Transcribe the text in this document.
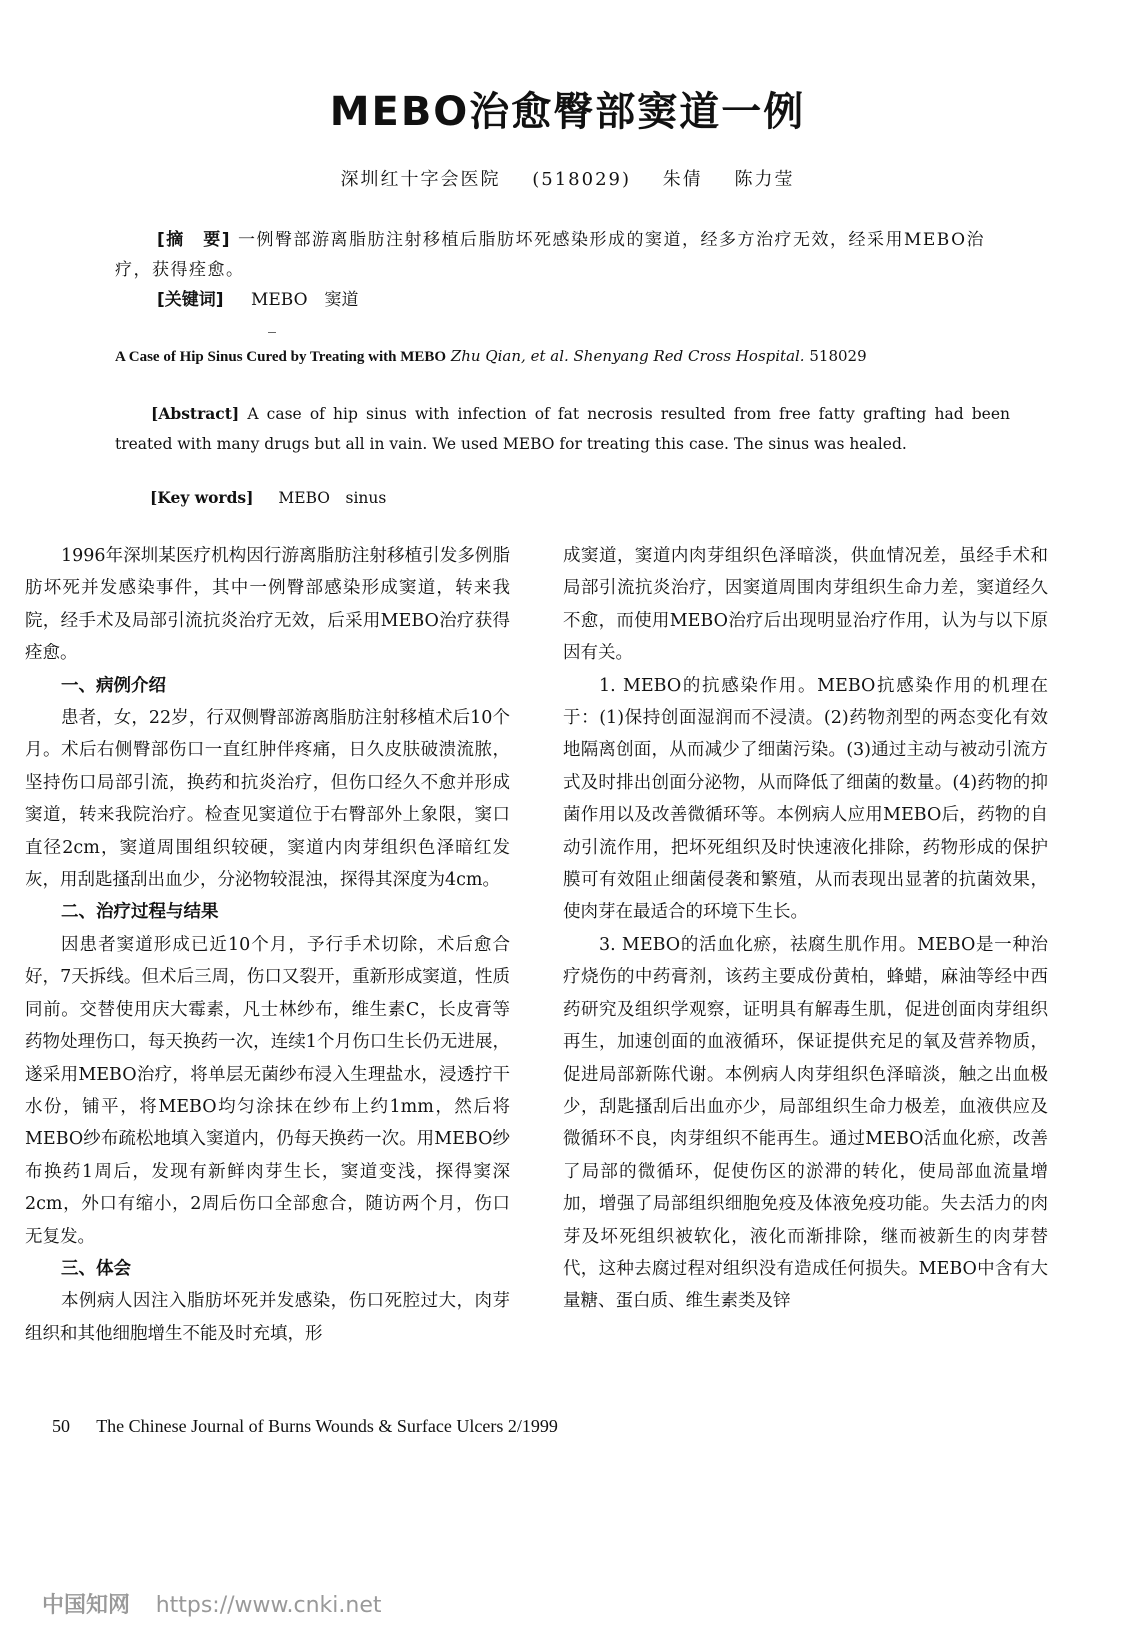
MEBO治愈臀部窦道一例
深圳红十字会医院 (518029) 朱倩 陈力莹

[摘　要] 一例臀部游离脂肪注射移植后脂肪坏死感染形成的窦道，经多方治疗无效，经采用MEBO治疗，获得痊愈。

[关键词] MEBO　窦道

A Case of Hip Sinus Cured by Treating with MEBO Zhu Qian, et al. Shenyang Red Cross Hospital. 518029

[Abstract] A case of hip sinus with infection of fat necrosis resulted from free fatty grafting had been treated with many drugs but all in vain. We used MEBO for treating this case. The sinus was healed.

[Key words] MEBO　sinus

1996年深圳某医疗机构因行游离脂肪注射移植引发多例脂肪坏死并发感染事件，其中一例臀部感染形成窦道，转来我院，经手术及局部引流抗炎治疗无效，后采用MEBO治疗获得痊愈。

一、病例介绍

患者，女，22岁，行双侧臀部游离脂肪注射移植术后10个月。术后右侧臀部伤口一直红肿伴疼痛，日久皮肤破溃流脓，坚持伤口局部引流，换药和抗炎治疗，但伤口经久不愈并形成窦道，转来我院治疗。检查见窦道位于右臀部外上象限，窦口直径2cm，窦道周围组织较硬，窦道内肉芽组织色泽暗红发灰，用刮匙搔刮出血少，分泌物较混浊，探得其深度为4cm。

二、治疗过程与结果

因患者窦道形成已近10个月，予行手术切除，术后愈合好，7天拆线。但术后三周，伤口又裂开，重新形成窦道，性质同前。交替使用庆大霉素，凡士林纱布，维生素C，长皮膏等药物处理伤口，每天换药一次，连续1个月伤口生长仍无进展，遂采用MEBO治疗，将单层无菌纱布浸入生理盐水，浸透拧干水份，铺平，将MEBO均匀涂抹在纱布上约1mm，然后将MEBO纱布疏松地填入窦道内，仍每天换药一次。用MEBO纱布换药1周后，发现有新鲜肉芽生长，窦道变浅，探得窦深2cm，外口有缩小，2周后伤口全部愈合，随访两个月，伤口无复发。

三、体会

本例病人因注入脂肪坏死并发感染，伤口死腔过大，肉芽组织和其他细胞增生不能及时充填，形

成窦道，窦道内肉芽组织色泽暗淡，供血情况差，虽经手术和局部引流抗炎治疗，因窦道周围肉芽组织生命力差，窦道经久不愈，而使用MEBO治疗后出现明显治疗作用，认为与以下原因有关。

1. MEBO的抗感染作用。MEBO抗感染作用的机理在于：(1)保持创面湿润而不浸渍。(2)药物剂型的两态变化有效地隔离创面，从而减少了细菌污染。(3)通过主动与被动引流方式及时排出创面分泌物，从而降低了细菌的数量。(4)药物的抑菌作用以及改善微循环等。本例病人应用MEBO后，药物的自动引流作用，把坏死组织及时快速液化排除，药物形成的保护膜可有效阻止细菌侵袭和繁殖，从而表现出显著的抗菌效果，使肉芽在最适合的环境下生长。

3. MEBO的活血化瘀，祛腐生肌作用。MEBO是一种治疗烧伤的中药膏剂，该药主要成份黄柏，蜂蜡，麻油等经中西药研究及组织学观察，证明具有解毒生肌，促进创面肉芽组织再生，加速创面的血液循环，保证提供充足的氧及营养物质，促进局部新陈代谢。本例病人肉芽组织色泽暗淡，触之出血极少，刮匙搔刮后出血亦少，局部组织生命力极差，血液供应及微循环不良，肉芽组织不能再生。通过MEBO活血化瘀，改善了局部的微循环，促使伤区的淤滞的转化，使局部血流量增加，增强了局部组织细胞免疫及体液免疫功能。失去活力的肉芽及坏死组织被软化，液化而渐排除，继而被新生的肉芽替代，这种去腐过程对组织没有造成任何损失。MEBO中含有大量糖、蛋白质、维生素类及锌

50 The Chinese Journal of Burns Wounds & Surface Ulcers 2/1999
中国知网 https://www.cnki.net
